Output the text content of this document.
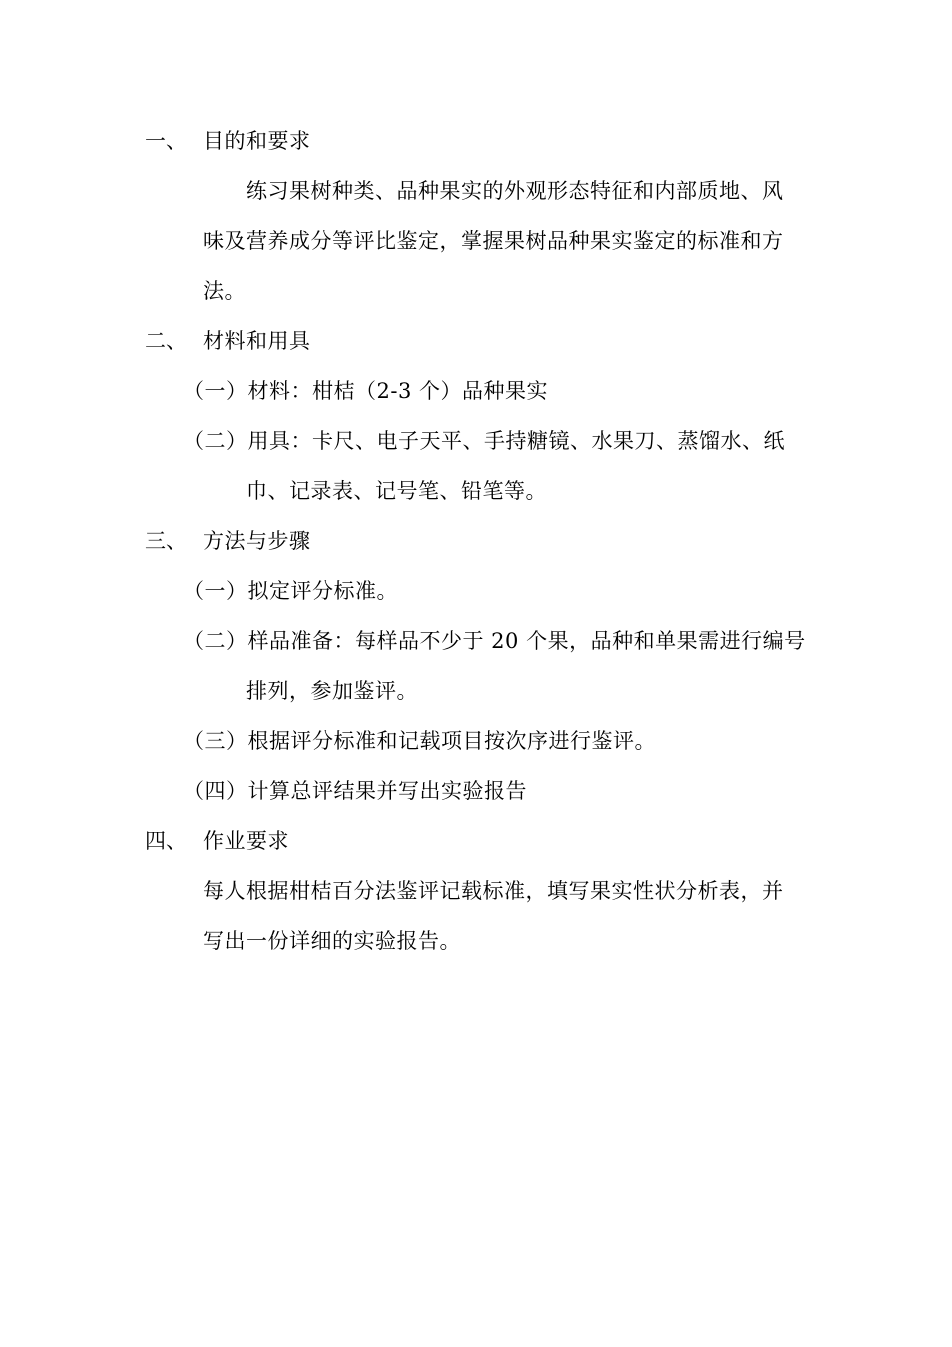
一、 目的和要求
练习果树种类、品种果实的外观形态特征和内部质地、风
味及营养成分等评比鉴定，掌握果树品种果实鉴定的标准和方
法。
二、 材料和用具
（一）材料：柑桔（2-3 个）品种果实
（二）用具：卡尺、电子天平、手持糖镜、水果刀、蒸馏水、纸
巾、记录表、记号笔、铅笔等。
三、 方法与步骤
（一）拟定评分标准。
（二）样品准备：每样品不少于 20 个果，品种和单果需进行编号
排列，参加鉴评。
（三）根据评分标准和记载项目按次序进行鉴评。
（四）计算总评结果并写出实验报告
四、 作业要求
每人根据柑桔百分法鉴评记载标准，填写果实性状分析表，并
写出一份详细的实验报告。
